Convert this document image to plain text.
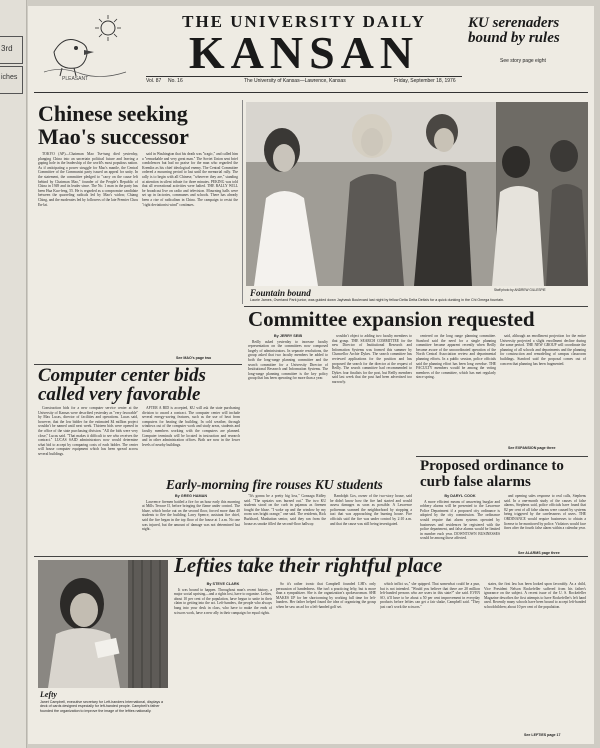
3rd
iches	PLEASANT
THE UNIVERSITY DAILY
KANSAN
Vol. 87 No. 16	The University of Kansas—Lawrence, Kansas	Friday, September 18, 1976
KU serenaders bound by rules
See story page eight
Chinese seeking Mao's successor

TOKYO (AP)—Chairman Mao Tse-tung died yesterday, plunging China into an uncertain political future and leaving a gaping hole in the leadership of the world's most populous nation. As if anticipating a power struggle for Mao's mantle, the Central Committee of the Communist party issued an appeal for unity. In the statement, the committee pledged to "carry on the cause left behind by Chairman Mao," founder of the People's Republic of China in 1949 and its leader since. The No. 1 man in the party has been Hua Kuo-feng, 55. He is regarded as a compromise candidate between the quarreling radicals led by Mao's widow, Chiang Ching, and the moderates led by followers of the late Premier Chou En-lai.

said in Washington that his death was "tragic," and called him a "remarkable and very great man." The Soviet Union sent brief condolences but had no praise for the man who regarded the Kremlin as his chief ideological enemy. The Central Committee ordered a mourning period to last until the memorial rally. The rally is to begin with all Chinese, "wherever they are," standing at attention in silent tribute for three minutes. PEKING was told that all recreational activities were halted. THE RALLY WILL be broadcast live on radio and television. Mourning halls were set up in factories, communes and schools. There has already been a rise of radicalism in China. The campaign to resist the "right deviationist wind" continues.

See MAO's page two
Fountain bound	Staff photo by ANDREW GILLESPIE
Laurie James, Overland Park junior, was guided down Jayhawk Boulevard last night by fellow Delta Delta Delta's for a quick dunking in the Chi Omega fountain.
Committee expansion requested
By JERRY SEIB

Reilly asked yesterday to increase faculty representation on the committees now composed largely of administrators. In separate resolutions, the group asked that two faculty members be added to both the long-range planning committee and the search committee for a University Director of Institutional Research and Information Systems. The long-range planning committee is the key policy group that has been operating for more than a year.

wouldn't object to adding two faculty members to that group. THE SEARCH COMMITTEE for the new Director of Institutional Research and Information Systems was formed this summer by Chancellor Archie Dykes. The search committee has reviewed applications for the position and has proposed the search for the director at the request of Reilly. The search committee had recommended to Dykes four finalists for the post, but Reilly members said last week that the post had been advertised too narrowly.

centered on the long range planning committee. Stanford said the need for a single planning committee became apparent recently when Reilly became aware of the uncoordinated operation of the North Central Association review and departmental planning efforts. In a public session, police officials said the planning effort has been long overdue. THE FACULTY members would be among the voting members of the committee, which has met regularly since spring.

said, although an enrollment projection for the entire University projected a slight enrollment decline during the same period. THE NEW GROUP will coordinate the planning of all schools and departments and the planning for construction and remodeling of campus classroom buildings. Stanford said the proposal comes out of concern that planning has been fragmented.

See EXPANSION page three
Computer center bids called very favorable

Construction bids for a new computer service center at the University of Kansas were described yesterday as "very favorable" by Max Lucas, director of facilities and operations. Lucas said, however, that the low bidder for the estimated $4 million project wouldn't be named until next week. Thirteen bids were opened in the office of the state purchasing division. "All the bids were very close," Lucas said. "That makes it difficult to see who receives the contract." LUCAS SAID administrators now would determine what bid to accept by comparing costs of each bidder. The center will house computer equipment which has been spread across several buildings.

AFTER A BID is accepted, KU will ask the state purchasing division to award a contract. The computer center will include several energy-saving features, such as the use of heat from computers for heating the building. In cold weather, through windows out of the computer work and study areas, students and faculty members working with the computers are planned. Computer terminals will be located in instruction and research and in other administration offices. Both are now in the lower levels of nearby buildings.

Early-morning fire rouses KU students
By GREG HAMAN

Lawrence firemen battled a fire for an hour early this morning at Mills Terrace II, before bringing the flame under control. The blaze, which broke out on the second floor, forced more than 40 students to flee the building. Larry Spence, assistant fire chief, said the fire began in the top floor of the house at 1 a.m. No one was injured, but the amount of damage was not determined last night.

"It's gonna be a pretty big loss," Gonzaga Ridley said. "The upstairs was burned out." The two KU students stood on the curb in pajamas as firemen fought the blaze. "I woke up and the window by my room was bright orange," one said. The residents, Rick Burkhard, Manhattan senior, said they ran from the house as smoke filled the second-floor hallway.

Randolph Gos, owner of the two-story house, said he didn't know how the fire had started and would assess damages as soon as possible. A Lawrence policeman scanned the neighborhood by stopping a taxi that was approaching the burning house. Fire officials said the fire was under control by 2:10 a.m. and that the cause was still being investigated.

Proposed ordinance to curb false alarms
By DARYL COOK

A more efficient means of answering burglar and robbery alarms will be presented to the Lawrence Police Department if a proposed city ordinance is adopted by the city commission. The ordinance would require that alarm systems operated by businesses and residences be registered with the police department, and false alarms would be limited in number each year. DOWNTOWN BUSINESSES would be among those affected.

and opening sales response to real calls, Stephens said. In a one-month study of the causes of false alarms, Stephens said, police officials have found that 82 per cent of all false alarms were caused by systems being triggered by the carelessness of users. THE ORDINANCE would require businesses to obtain a license to be monitored by police. Violators would face fines after the fourth false alarm within a calendar year.

See ALARMS page three
Lefty
Janet Campbell, executive secretary for Left-handers International, displays a deck of cards designed especially for left-handed people. Campbell's father founded the organization to improve the image of the lefties nationally.
Lefties take their rightful place
By STEVE CLARK

It was bound to happen. Throughout man's recent history, a major social uprising—and a rights lost, have to organize. Lefties, about 10 per cent of the population, have begun to unite in their claim to getting into the act. Left-handers, the people who always bang into your desk in class, who have to make the ends of scissors work, have a new ally in their campaign for equal rights.

So it's rather ironic that Campbell founded LHI's only persuasion of handedness. She isn't a practicing lefty, but is more than a sympathizer. She is the organization's spokeswoman. SHE MAKES UP for her shortcoming by working full time for left-handers. Her father helped found the idea of organizing the group when he saw an ad for a left-handed golf set.

which inflict us," she quipped. That somewhat could be a pun, but is not intended. "Would you believe that there are 20 million left-handed persons who are users in this state?" she said. EVEN SO, it'll have to be about a 50 per cent improvement in everyday products before lefties can get a fair shake, Campbell said. "They just can't work the scissors."

states, the first law has been looked upon favorably. As a child, Vice President Nelson Rockefeller suffered from his father's ignorance on the subject. A recent issue of the U. S. Rockefeller Magazine describes the first attempts to have Rockefeller's left hand used. Recently many schools have been bound to accept left-handed schoolchildren; about 10 per cent of the population.

See LEFTIES page 17
